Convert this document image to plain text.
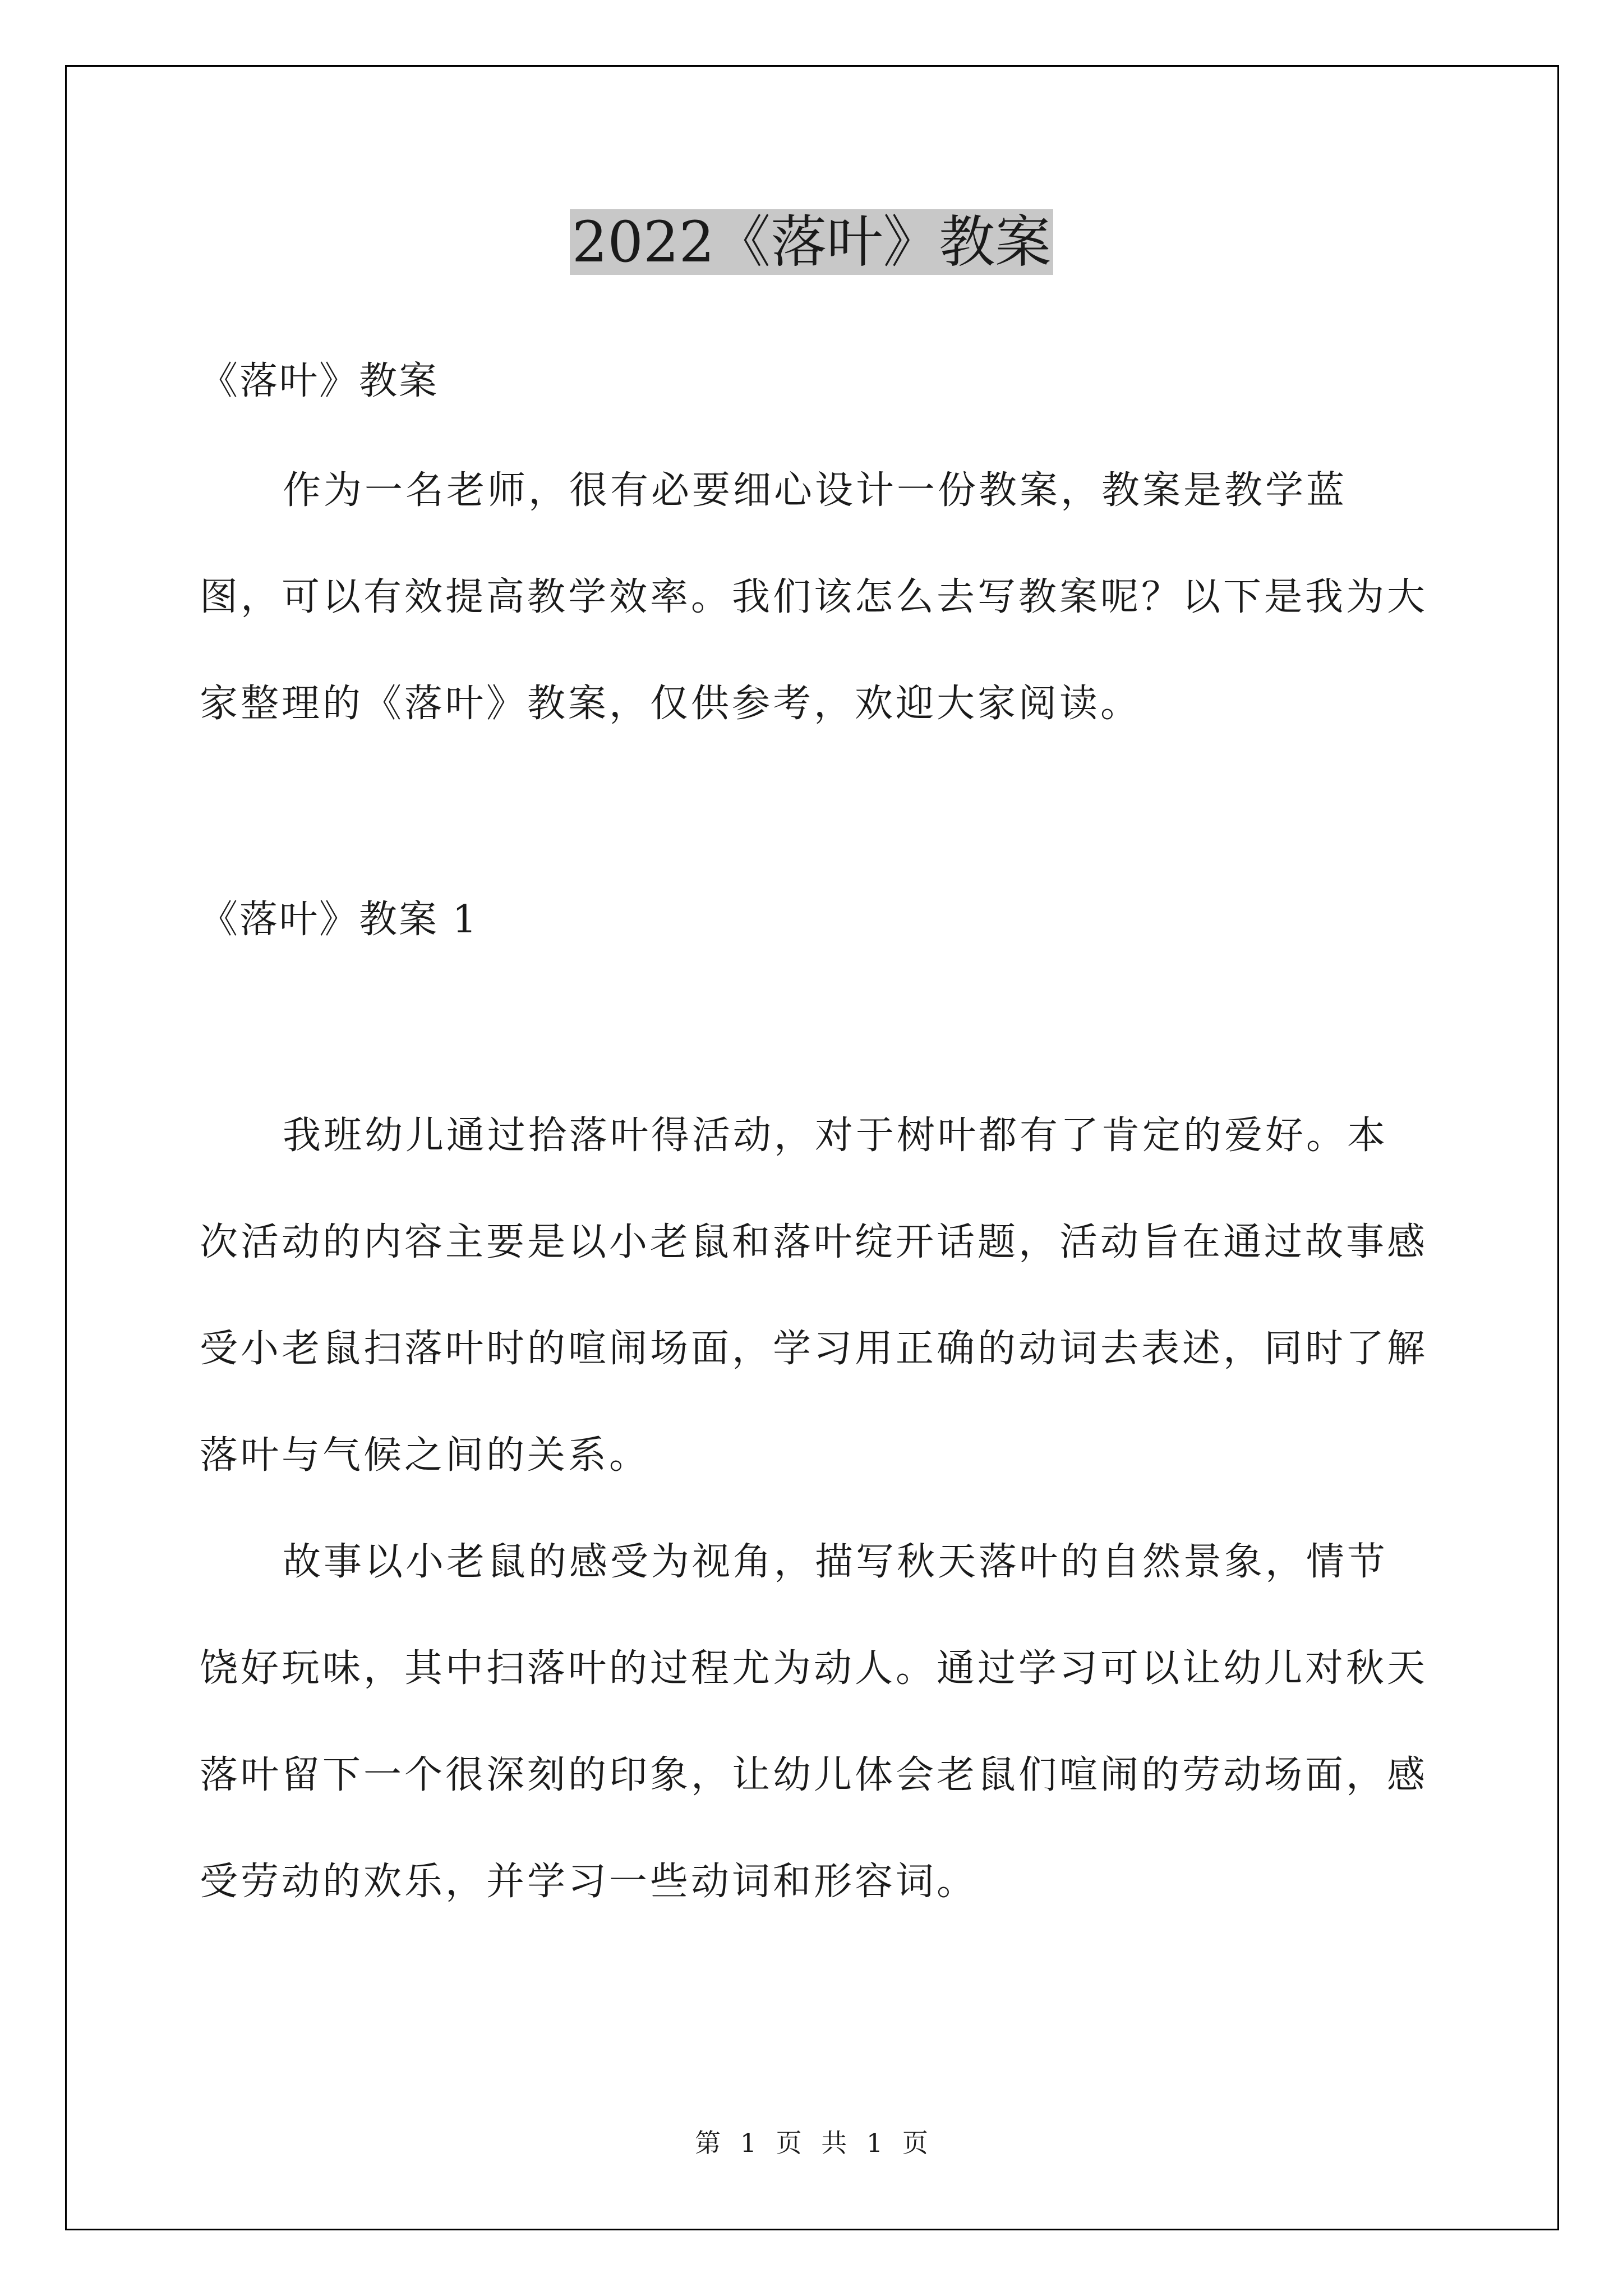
2022《落叶》教案
《落叶》教案
作为一名老师，很有必要细心设计一份教案，教案是教学蓝图，可以有效提高教学效率。我们该怎么去写教案呢？以下是我为大家整理的《落叶》教案，仅供参考，欢迎大家阅读。
《落叶》教案 1
我班幼儿通过拾落叶得活动，对于树叶都有了肯定的爱好。本次活动的内容主要是以小老鼠和落叶绽开话题，活动旨在通过故事感受小老鼠扫落叶时的喧闹场面，学习用正确的动词去表述，同时了解落叶与气候之间的关系。
故事以小老鼠的感受为视角，描写秋天落叶的自然景象，情节饶好玩味，其中扫落叶的过程尤为动人。通过学习可以让幼儿对秋天落叶留下一个很深刻的印象，让幼儿体会老鼠们喧闹的劳动场面，感受劳动的欢乐，并学习一些动词和形容词。
第 1 页 共 1 页
